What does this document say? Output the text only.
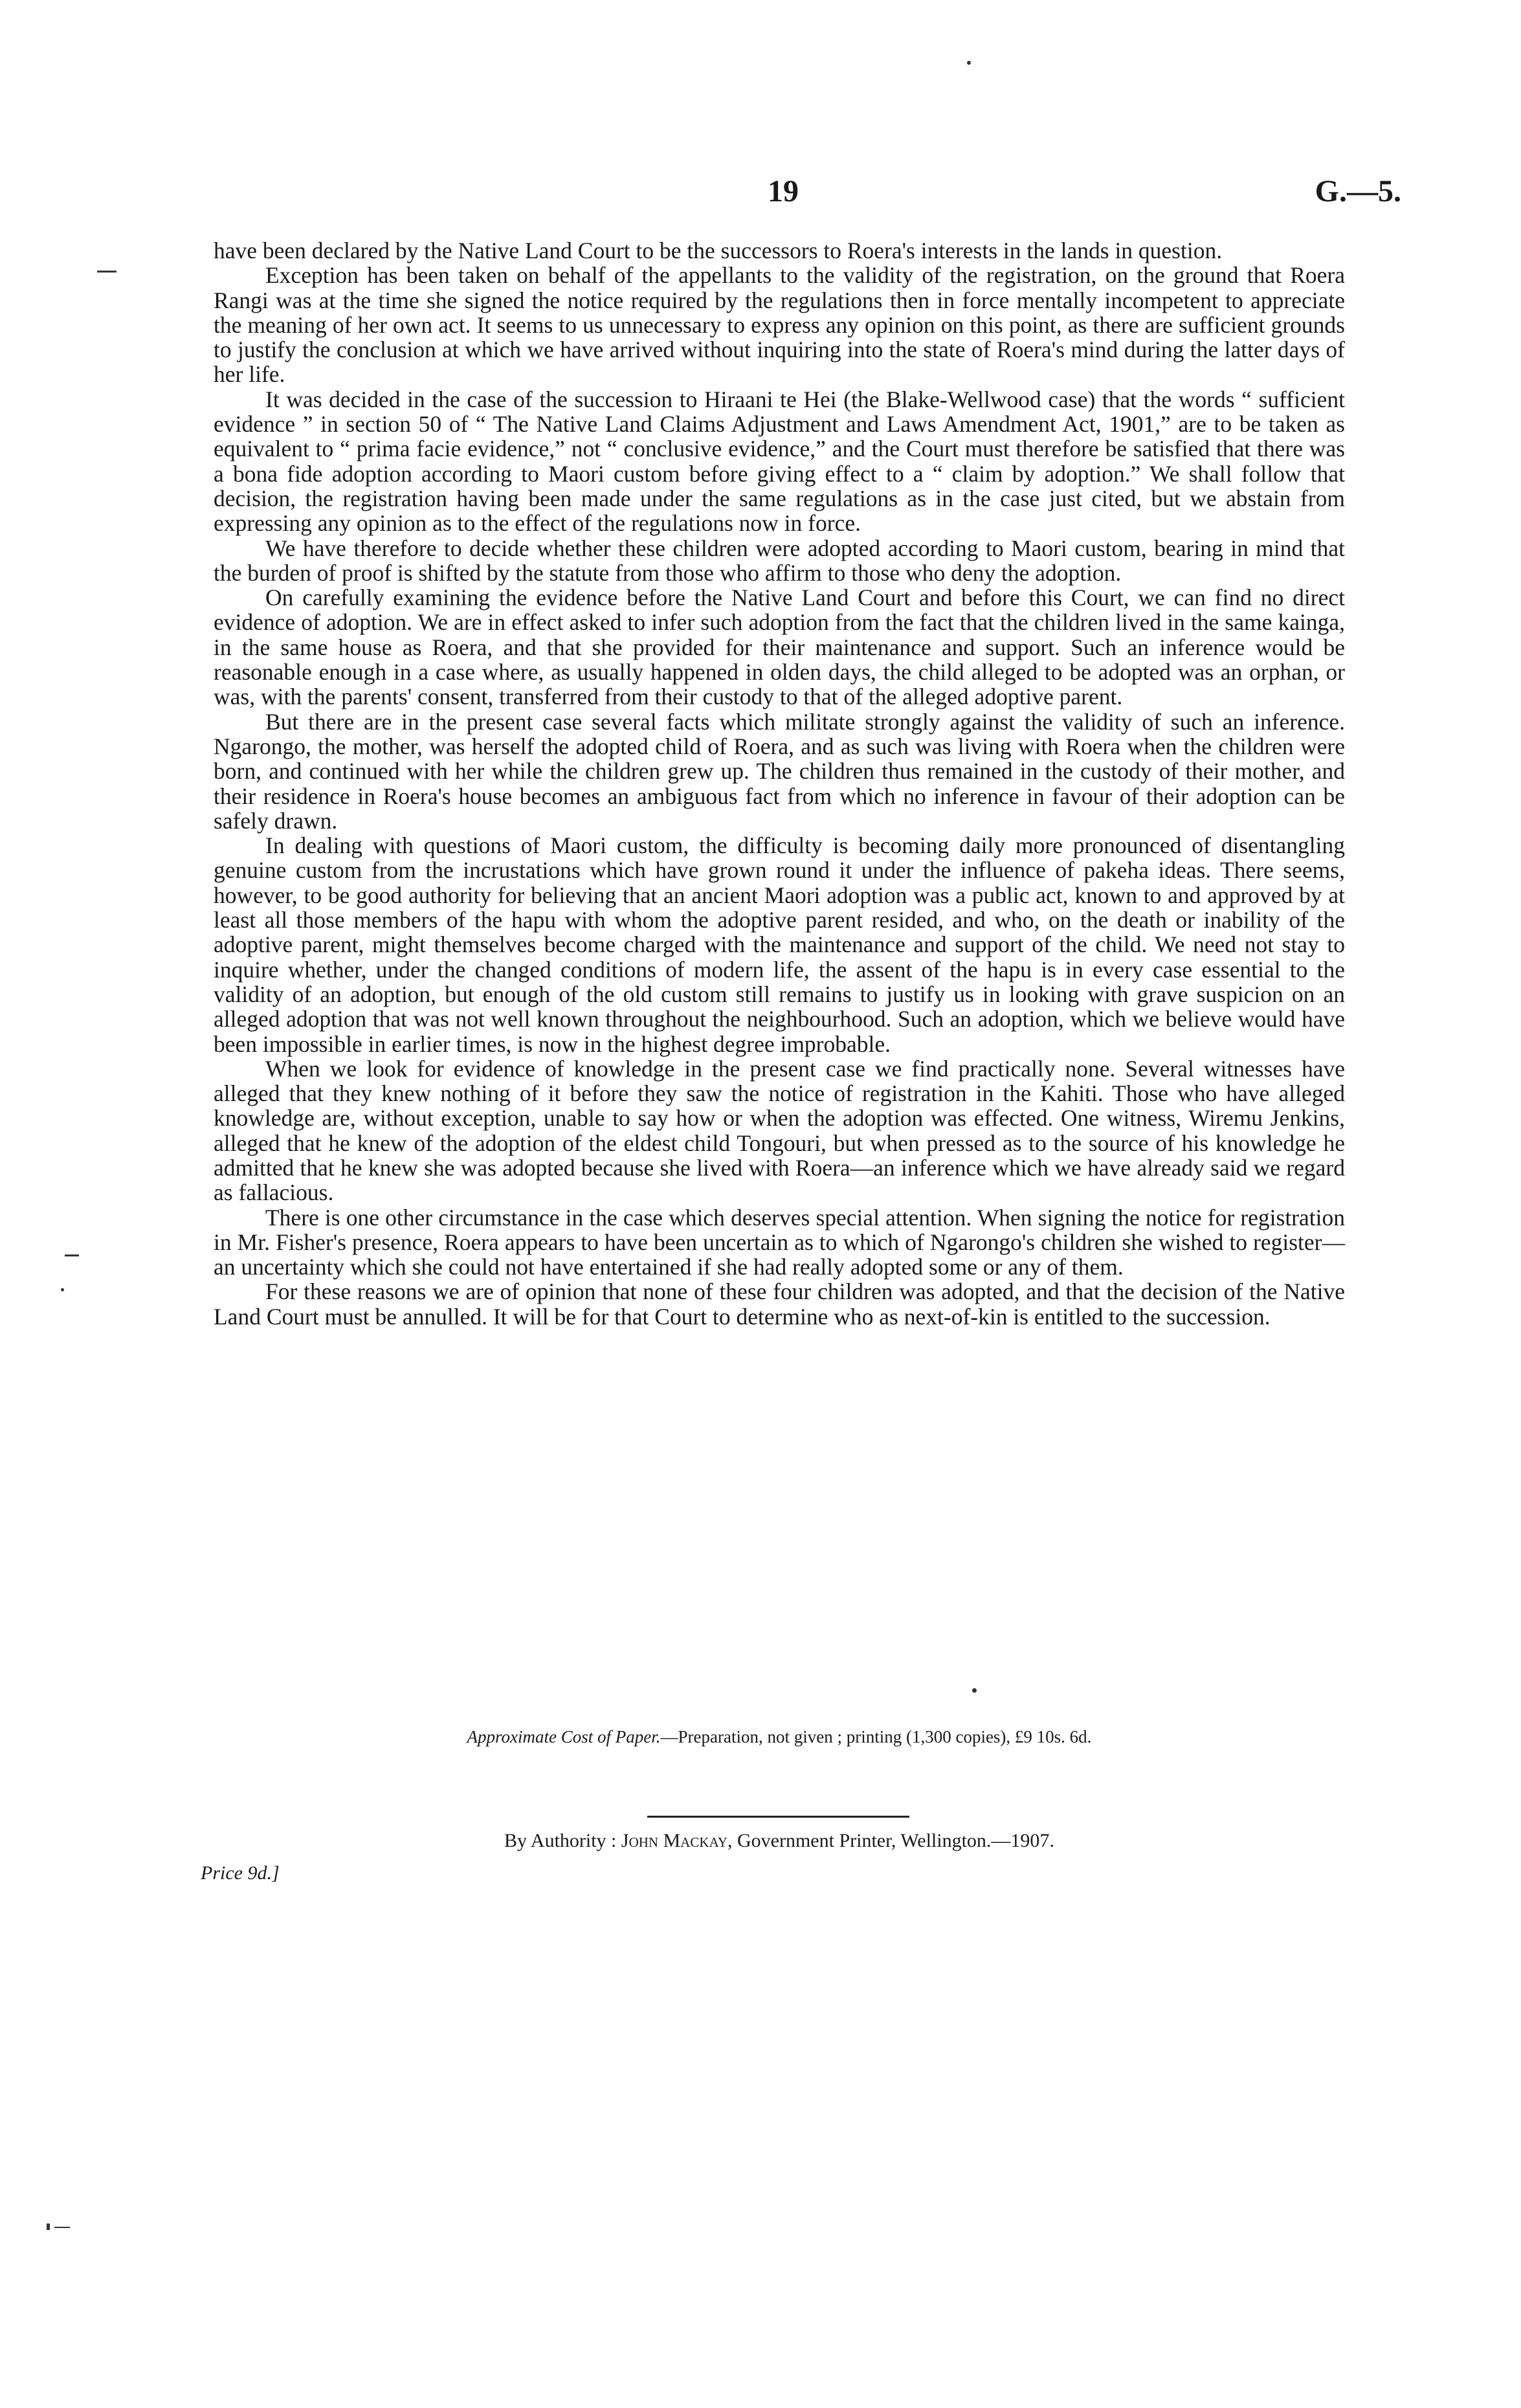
19	G.—5.

have been declared by the Native Land Court to be the successors to Roera's interests in the lands in question.

Exception has been taken on behalf of the appellants to the validity of the registration, on the ground that Roera Rangi was at the time she signed the notice required by the regulations then in force mentally incompetent to appreciate the meaning of her own act. It seems to us unnecessary to express any opinion on this point, as there are sufficient grounds to justify the conclusion at which we have arrived without inquiring into the state of Roera's mind during the latter days of her life.

It was decided in the case of the succession to Hiraani te Hei (the Blake-Wellwood case) that the words “ sufficient evidence ” in section 50 of “ The Native Land Claims Adjustment and Laws Amendment Act, 1901,” are to be taken as equivalent to “ prima facie evidence,” not “ conclusive evidence,” and the Court must therefore be satisfied that there was a bona fide adoption according to Maori custom before giving effect to a “ claim by adoption.” We shall follow that decision, the registration having been made under the same regulations as in the case just cited, but we abstain from expressing any opinion as to the effect of the regulations now in force.

We have therefore to decide whether these children were adopted according to Maori custom, bearing in mind that the burden of proof is shifted by the statute from those who affirm to those who deny the adoption.

On carefully examining the evidence before the Native Land Court and before this Court, we can find no direct evidence of adoption. We are in effect asked to infer such adoption from the fact that the children lived in the same kainga, in the same house as Roera, and that she provided for their maintenance and support. Such an inference would be reasonable enough in a case where, as usually happened in olden days, the child alleged to be adopted was an orphan, or was, with the parents' consent, transferred from their custody to that of the alleged adoptive parent.

But there are in the present case several facts which militate strongly against the validity of such an inference. Ngarongo, the mother, was herself the adopted child of Roera, and as such was living with Roera when the children were born, and continued with her while the children grew up. The children thus remained in the custody of their mother, and their residence in Roera's house becomes an ambiguous fact from which no inference in favour of their adoption can be safely drawn.

In dealing with questions of Maori custom, the difficulty is becoming daily more pronounced of disentangling genuine custom from the incrustations which have grown round it under the influence of pakeha ideas. There seems, however, to be good authority for believing that an ancient Maori adoption was a public act, known to and approved by at least all those members of the hapu with whom the adoptive parent resided, and who, on the death or inability of the adoptive parent, might themselves become charged with the maintenance and support of the child. We need not stay to inquire whether, under the changed conditions of modern life, the assent of the hapu is in every case essential to the validity of an adoption, but enough of the old custom still remains to justify us in looking with grave suspicion on an alleged adoption that was not well known throughout the neighbourhood. Such an adoption, which we believe would have been impossible in earlier times, is now in the highest degree improbable.

When we look for evidence of knowledge in the present case we find practically none. Several witnesses have alleged that they knew nothing of it before they saw the notice of registration in the Kahiti. Those who have alleged knowledge are, without exception, unable to say how or when the adoption was effected. One witness, Wiremu Jenkins, alleged that he knew of the adoption of the eldest child Tongouri, but when pressed as to the source of his knowledge he admitted that he knew she was adopted because she lived with Roera—an inference which we have already said we regard as fallacious.

There is one other circumstance in the case which deserves special attention. When signing the notice for registration in Mr. Fisher's presence, Roera appears to have been uncertain as to which of Ngarongo's children she wished to register—an uncertainty which she could not have entertained if she had really adopted some or any of them.

For these reasons we are of opinion that none of these four children was adopted, and that the decision of the Native Land Court must be annulled. It will be for that Court to determine who as next-of-kin is entitled to the succession.

Approximate Cost of Paper.—Preparation, not given ; printing (1,300 copies), £9 10s. 6d.
By Authority : John Mackay, Government Printer, Wellington.—1907.
Price 9d.]
